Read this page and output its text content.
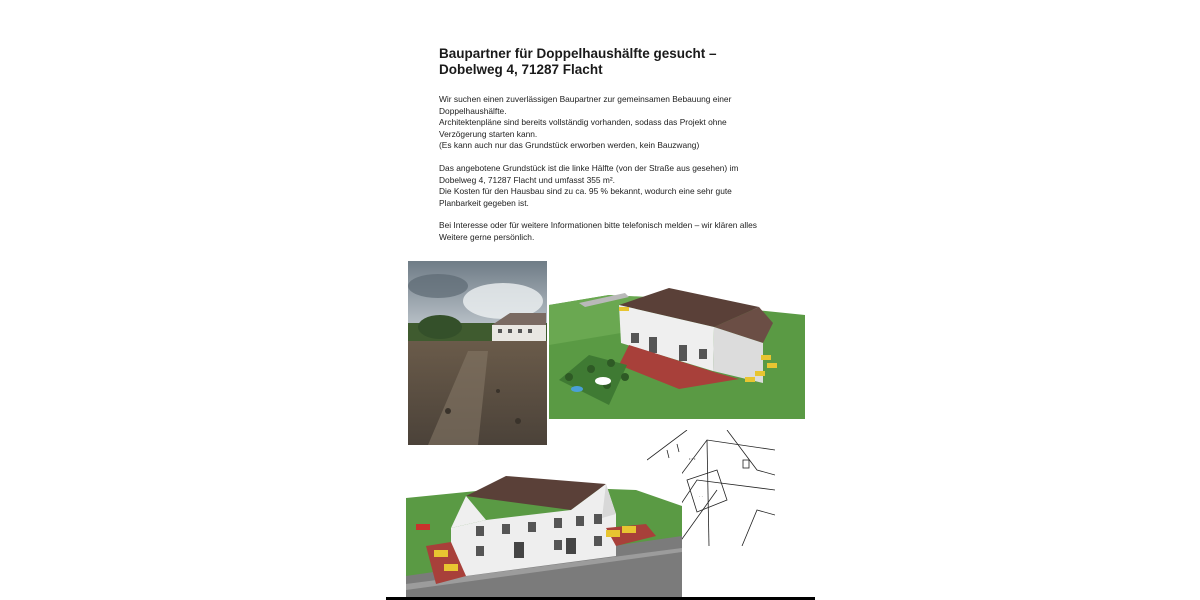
Baupartner für Doppelhaushälfte gesucht – Dobelweg 4, 71287 Flacht

Wir suchen einen zuverlässigen Baupartner zur gemeinsamen Bebauung einer Doppelhaushälfte.

Architektenpläne sind bereits vollständig vorhanden, sodass das Projekt ohne Verzögerung starten kann.

(Es kann auch nur das Grundstück erworben werden, kein Bauzwang)

Das angebotene Grundstück ist die linke Hälfte (von der Straße aus gesehen) im Dobelweg 4, 71287 Flacht und umfasst 355 m².

Die Kosten für den Hausbau sind zu ca. 95 % bekannt, wodurch eine sehr gute Planbarkeit gegeben ist.

Bei Interesse oder für weitere Informationen bitte telefonisch melden – wir klären alles Weitere gerne persönlich.

• • •
· ·
